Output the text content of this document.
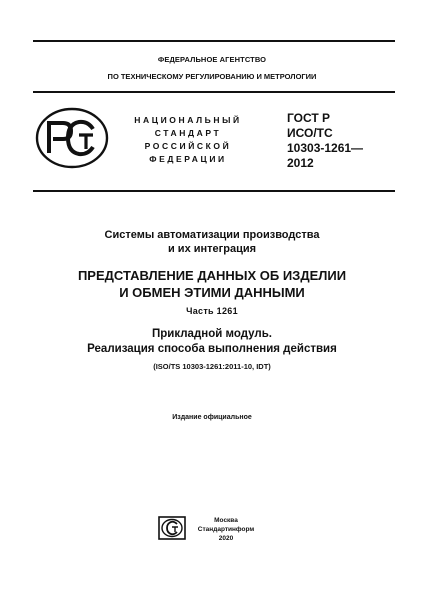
ФЕДЕРАЛЬНОЕ АГЕНТСТВО
ПО ТЕХНИЧЕСКОМУ РЕГУЛИРОВАНИЮ И МЕТРОЛОГИИ
НАЦИОНАЛЬНЫЙ
СТАНДАРТ
РОССИЙСКОЙ
ФЕДЕРАЦИИ
ГОСТ Р
ИСО/ТС
10303-1261—
2012
Системы автоматизации производства
и их интеграция
ПРЕДСТАВЛЕНИЕ ДАННЫХ ОБ ИЗДЕЛИИ
И ОБМЕН ЭТИМИ ДАННЫМИ
Часть 1261
Прикладной модуль.
Реализация способа выполнения действия
(ISO/TS 10303-1261:2011-10, IDT)
Издание официальное
Москва
Стандартинформ
2020
